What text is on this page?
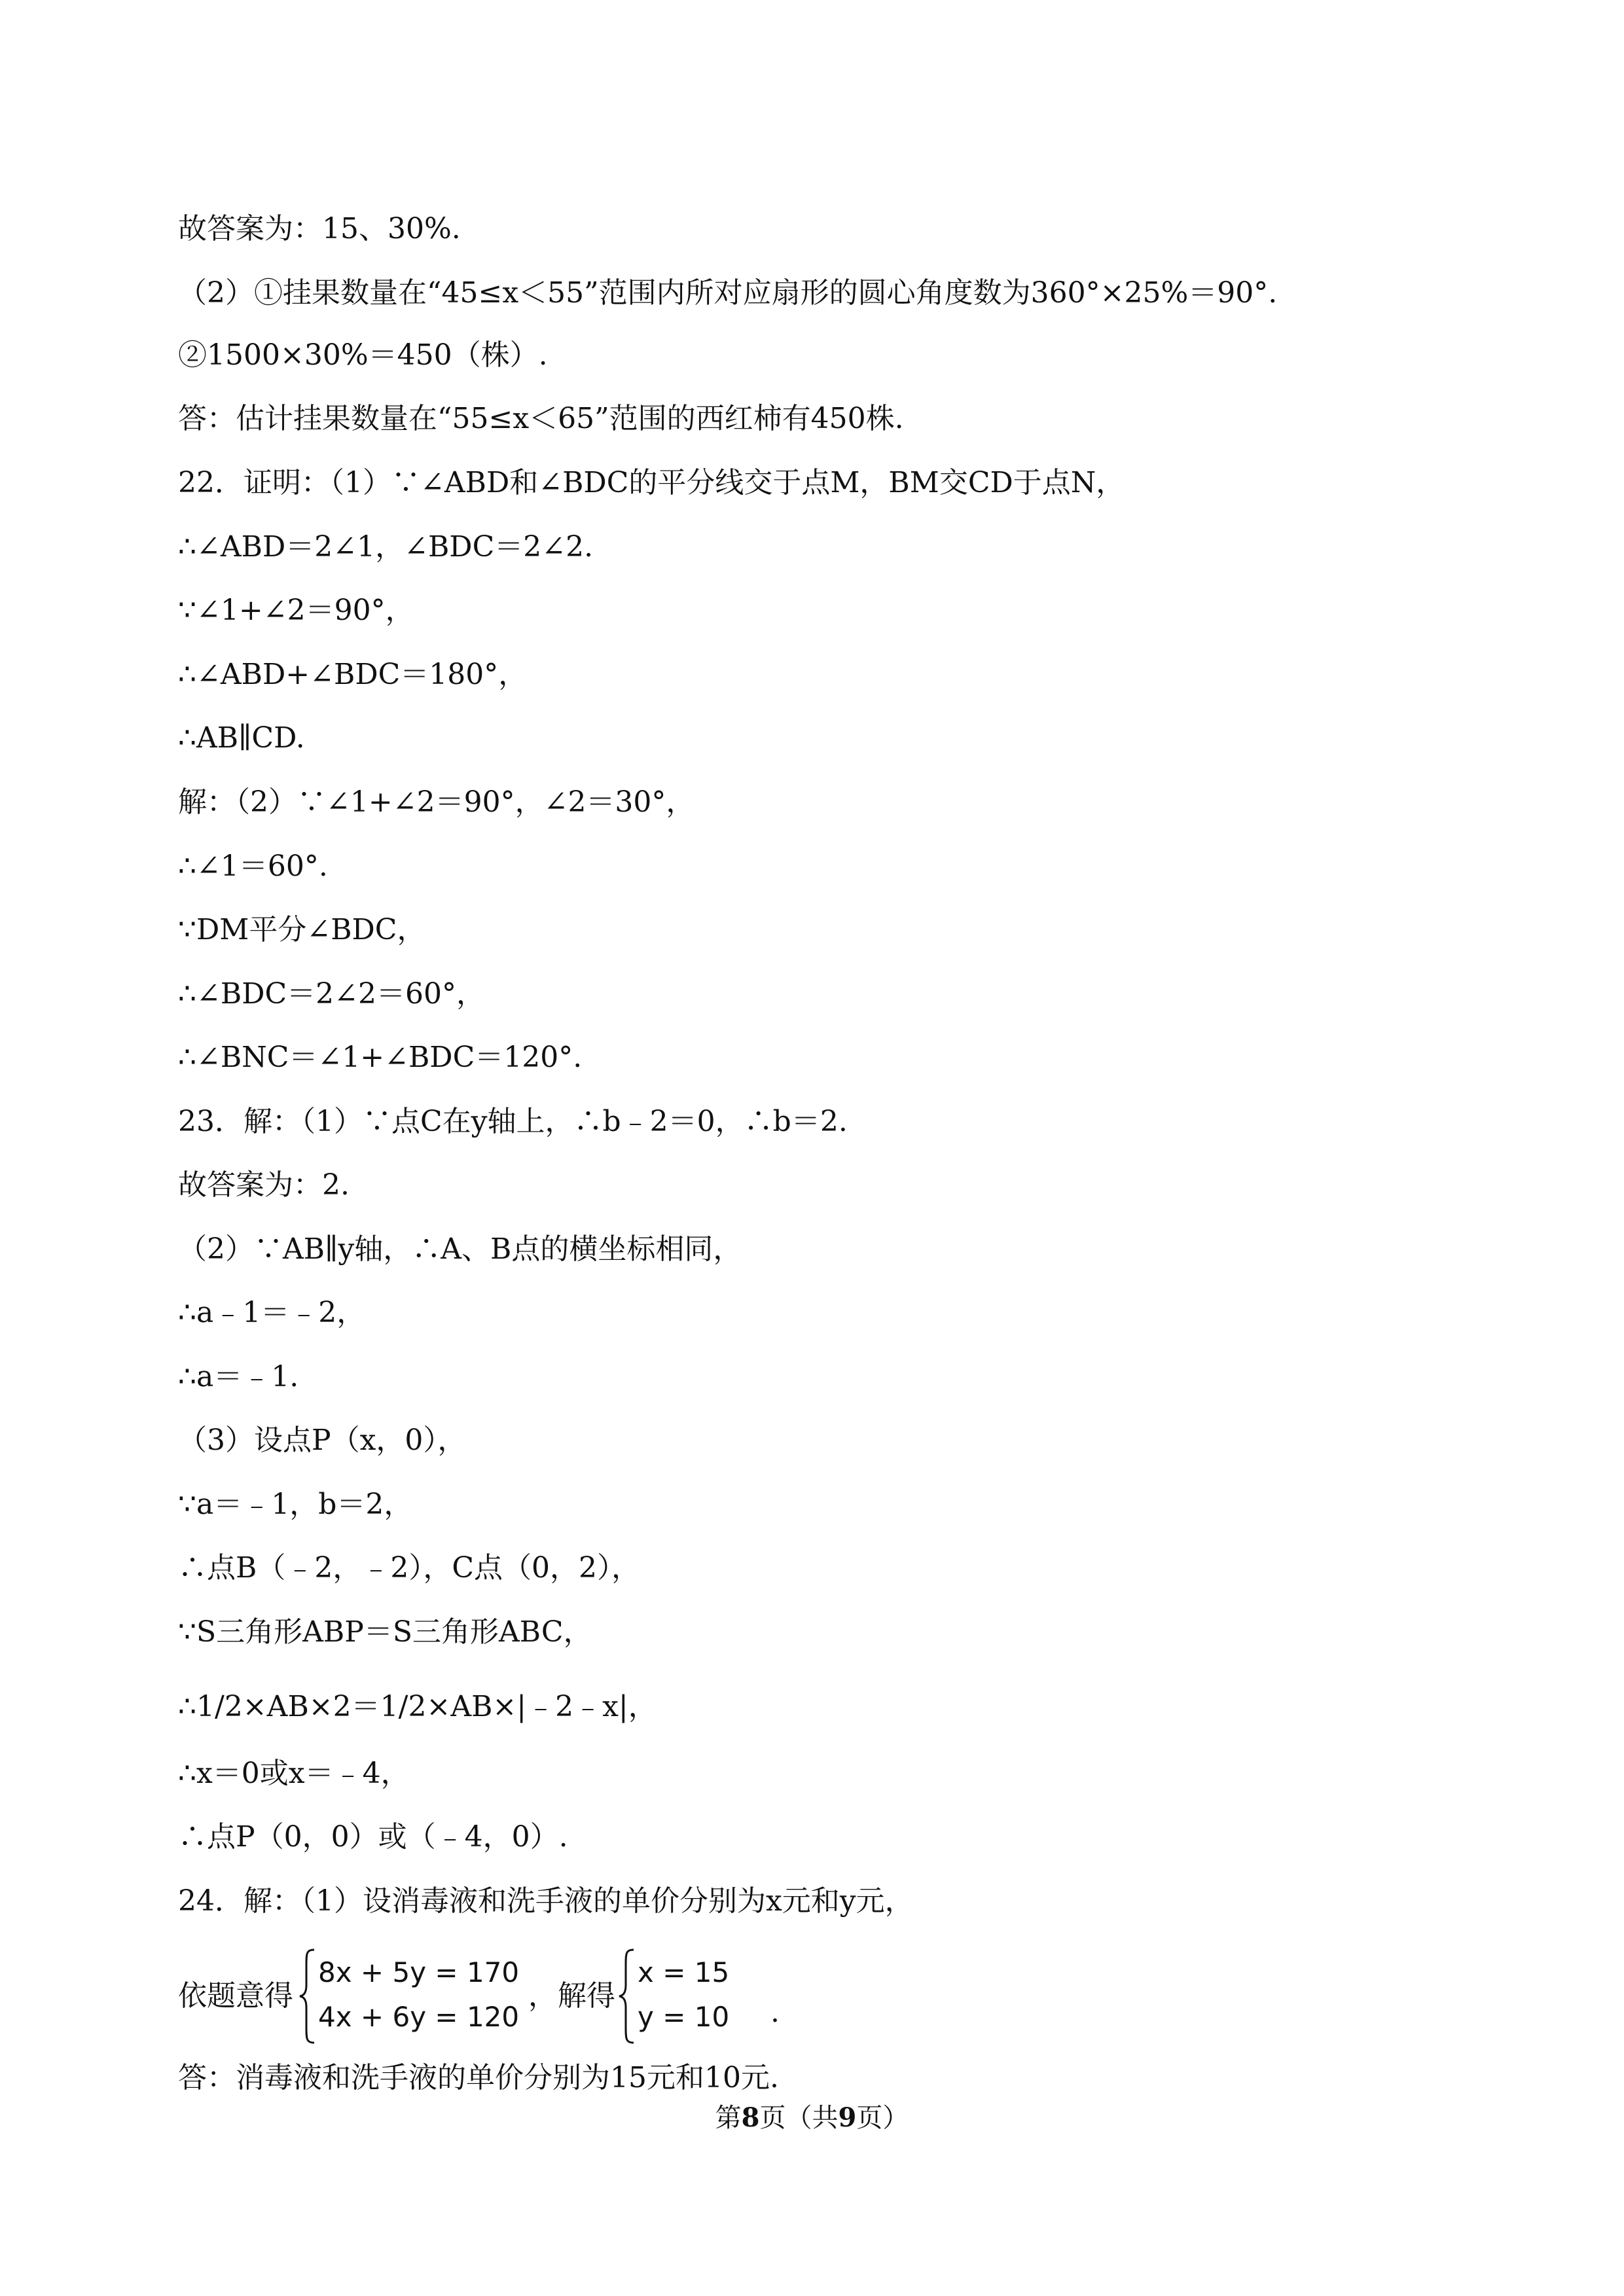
故答案为：15、30%.
（2）①挂果数量在“45≤x＜55”范围内所对应扇形的圆心角度数为360°×25%＝90°.
②1500×30%＝450（株）.
答：估计挂果数量在“55≤x＜65”范围的西红柿有450株.
22．证明：（1）∵∠ABD和∠BDC的平分线交于点M，BM交CD于点N，
∴∠ABD＝2∠1，∠BDC＝2∠2.
∵∠1+∠2＝90°，
∴∠ABD+∠BDC＝180°，
∴AB∥CD.
解：（2）∵∠1+∠2＝90°，∠2＝30°，
∴∠1＝60°.
∵DM平分∠BDC，
∴∠BDC＝2∠2＝60°，
∴∠BNC＝∠1+∠BDC＝120°.
23．解：（1）∵点C在y轴上，∴b﹣2＝0，∴b＝2.
故答案为：2.
（2）∵AB∥y轴，∴A、B点的横坐标相同，
∴a﹣1＝﹣2，
∴a＝﹣1.
（3）设点P（x，0），
∵a＝﹣1，b＝2，
∴点B（﹣2，﹣2），C点（0，2），
∵S三角形ABP＝S三角形ABC，
∴1/2×AB×2＝1/2×AB×|﹣2﹣x|，
∴x＝0或x＝﹣4，
∴点P（0，0）或（﹣4，0）.
24．解：（1）设消毒液和洗手液的单价分别为x元和y元，
依题意得
8x + 5y = 170
4x + 6y = 120
， 解得
x = 15
y = 10 .
答：消毒液和洗手液的单价分别为15元和10元.
第8页（共9页）
